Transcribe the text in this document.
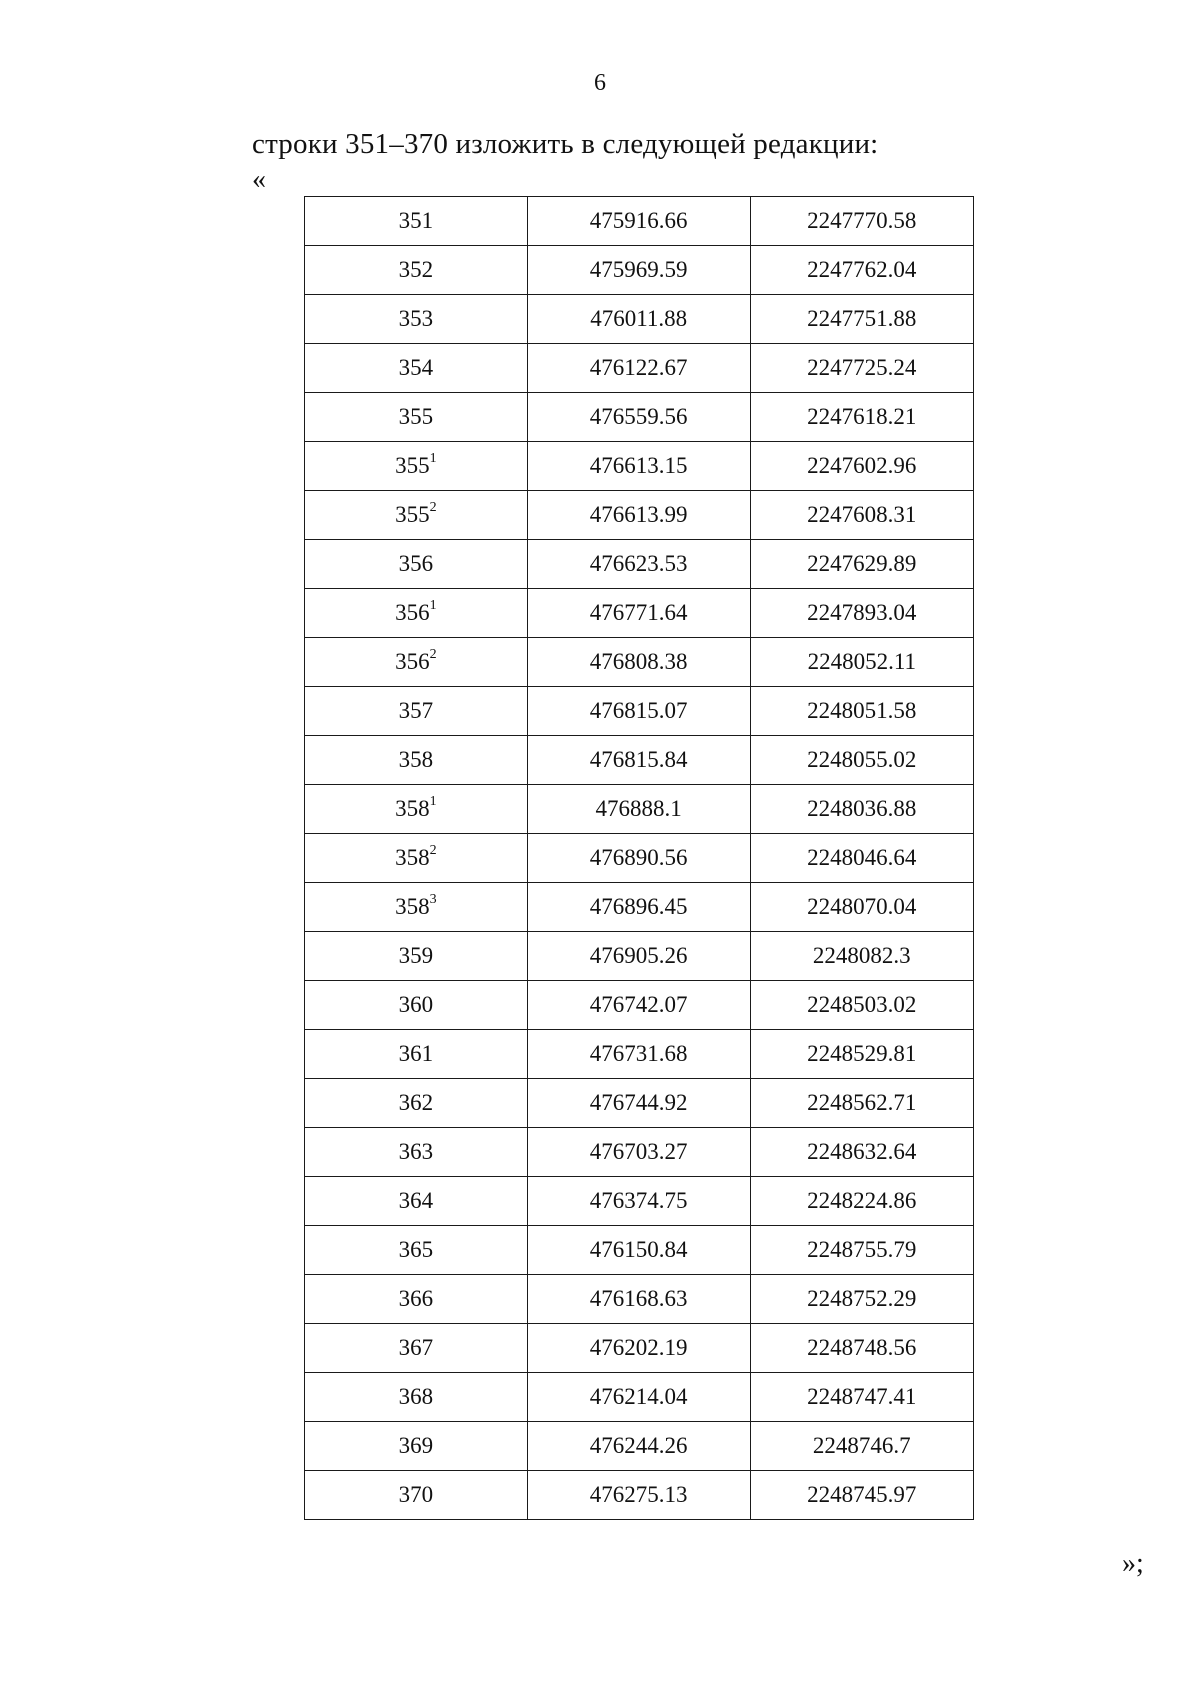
6
строки 351–370 изложить в следующей редакции:
«
351	475916.66	2247770.58
352	475969.59	2247762.04
353	476011.88	2247751.88
354	476122.67	2247725.24
355	476559.56	2247618.21
$355^1$	476613.15	2247602.96
$355^2$	476613.99	2247608.31
356	476623.53	2247629.89
$356^1$	476771.64	2247893.04
$356^2$	476808.38	2248052.11
357	476815.07	2248051.58
358	476815.84	2248055.02
$358^1$	476888.1	2248036.88
$358^2$	476890.56	2248046.64
$358^3$	476896.45	2248070.04
359	476905.26	2248082.3
360	476742.07	2248503.02
361	476731.68	2248529.81
362	476744.92	2248562.71
363	476703.27	2248632.64
364	476374.75	2248224.86
365	476150.84	2248755.79
366	476168.63	2248752.29
367	476202.19	2248748.56
368	476214.04	2248747.41
369	476244.26	2248746.7
370	476275.13	2248745.97
»;
